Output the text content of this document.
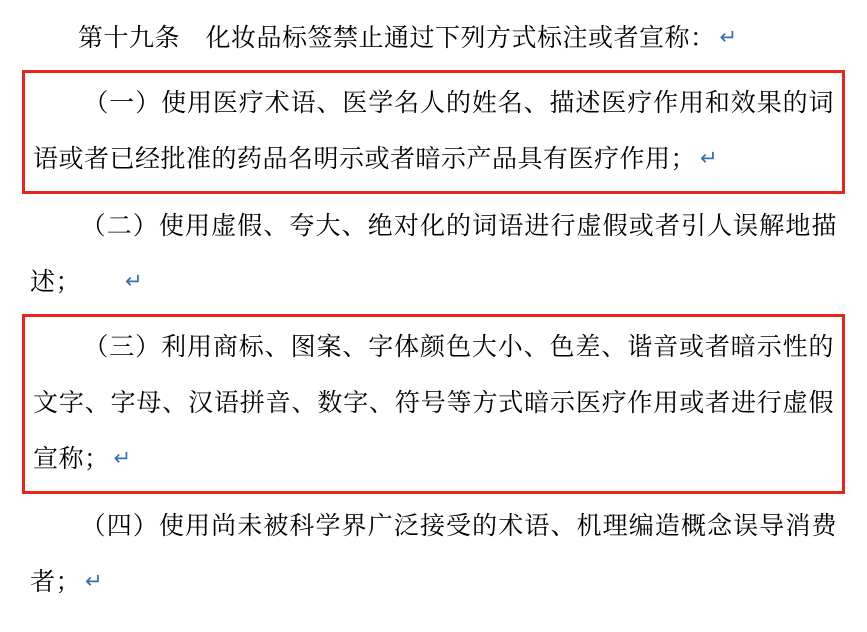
第十九条　化妆品标签禁止通过下列方式标注或者宣称： ↵
（一）使用医疗术语、医学名人的姓名、描述医疗作用和效果的词语或者已经批准的药品名明示或者暗示产品具有医疗作用； ↵
（二）使用虚假、夸大、绝对化的词语进行虚假或者引人误解地描述； ↵
（三）利用商标、图案、字体颜色大小、色差、谐音或者暗示性的文字、字母、汉语拼音、数字、符号等方式暗示医疗作用或者进行虚假宣称； ↵
（四）使用尚未被科学界广泛接受的术语、机理编造概念误导消费者； ↵
